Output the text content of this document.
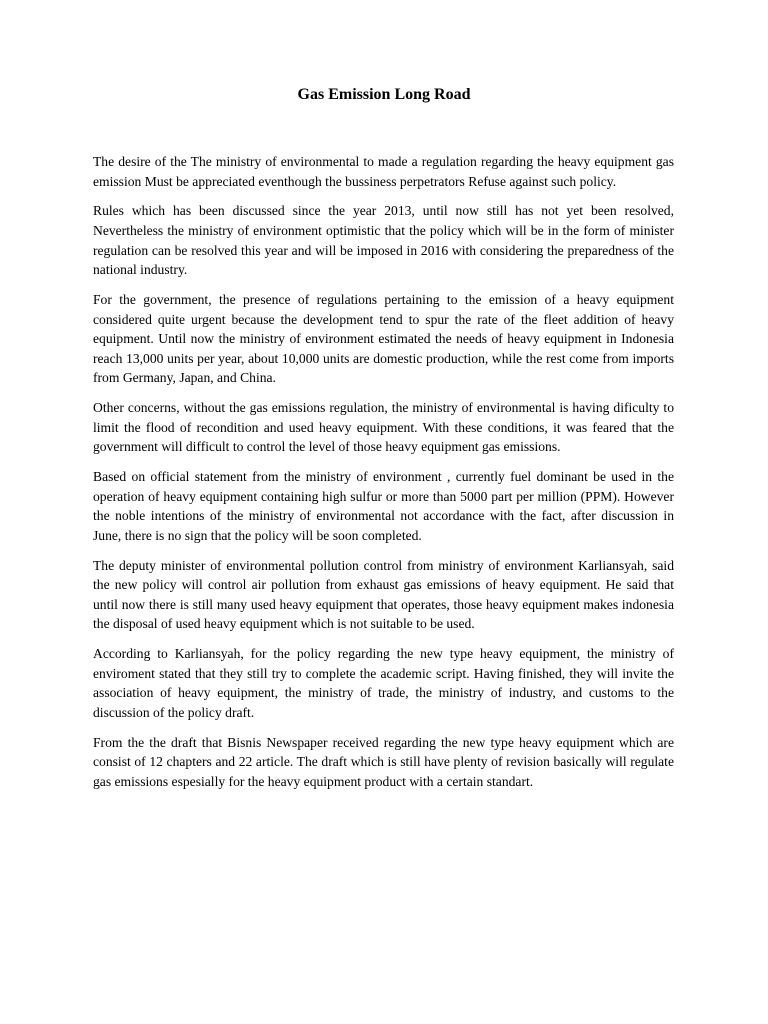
Gas Emission Long Road

The desire of the The ministry of environmental to made a regulation regarding the heavy equipment gas emission Must be appreciated eventhough the bussiness perpetrators Refuse against such policy.

Rules which has been discussed since the year 2013, until now still has not yet been resolved, Nevertheless the ministry of environment optimistic that the policy which will be in the form of minister regulation can be resolved this year and will be imposed in 2016 with considering the preparedness of the national industry.

For the government, the presence of regulations pertaining to the emission of a heavy equipment considered quite urgent because the development tend to spur the rate of the fleet addition of heavy equipment. Until now the ministry of environment estimated the needs of heavy equipment in Indonesia reach 13,000 units per year, about 10,000 units are domestic production, while the rest come from imports from Germany, Japan, and China.

Other concerns, without the gas emissions regulation, the ministry of environmental is having dificulty to limit the flood of recondition and used heavy equipment. With these conditions, it was feared that the government will difficult to control the level of those heavy equipment gas emissions.

Based on official statement from the ministry of environment , currently fuel dominant be used in the operation of heavy equipment containing high sulfur or more than 5000 part per million (PPM). However the noble intentions of the ministry of environmental not accordance with the fact, after discussion in June, there is no sign that the policy will be soon completed.

The deputy minister of environmental pollution control from ministry of environment Karliansyah, said the new policy will control air pollution from exhaust gas emissions of heavy equipment. He said that until now there is still many used heavy equipment that operates, those heavy equipment makes indonesia the disposal of used heavy equipment which is not suitable to be used.

According to Karliansyah, for the policy regarding the new type heavy equipment, the ministry of enviroment stated that they still try to complete the academic script. Having finished, they will invite the association of heavy equipment, the ministry of trade, the ministry of industry, and customs to the discussion of the policy draft.

From the the draft that Bisnis Newspaper received regarding the new type heavy equipment which are consist of 12 chapters and 22 article. The draft which is still have plenty of revision basically will regulate gas emissions espesially for the heavy equipment product with a certain standart.
